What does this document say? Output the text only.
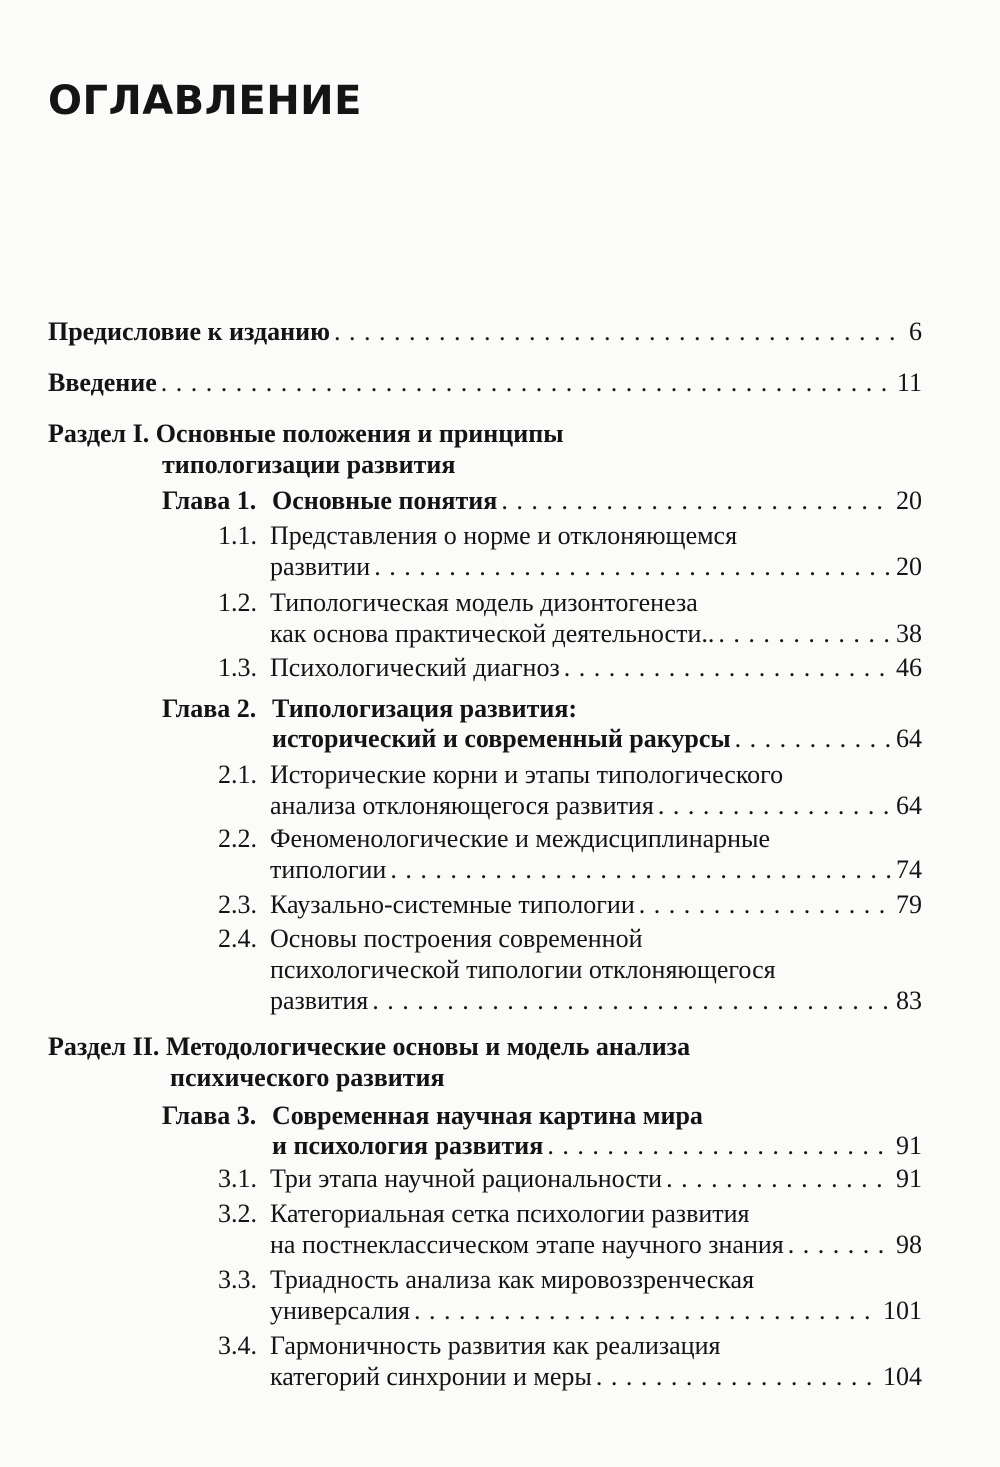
ОГЛАВЛЕНИЕ
Предисловие к изданию . . .	6
Введение . . .	11
Раздел I.
Основные положения и принципы
типологизации развития
Глава 1. Основные понятия . . .	20
1.1. Представления о норме и отклоняющемся
развитии . . .	20
1.2. Типологическая модель дизонтогенеза
как основа практической деятельности.. . . .	38
1.3. Психологический диагноз . . .	46
Глава 2. Типологизация развития:
исторический и современный ракурсы . . .	64
2.1. Исторические корни и этапы типологического
анализа отклоняющегося развития . . .	64
2.2. Феноменологические и междисциплинарные
типологии . . .	74
2.3. Каузально-системные типологии . . .	79
2.4. Основы построения современной
психологической типологии отклоняющегося
развития . . .	83
Раздел II.
Методологические основы и модель анализа
психического развития
Глава 3. Современная научная картина мира
и психология развития . . .	91
3.1. Три этапа научной рациональности . . .	91
3.2. Категориальная сетка психологии развития
на постнеклассическом этапе научного знания . . .	98
3.3. Триадность анализа как мировоззренческая
универсалия . . .	101
3.4. Гармоничность развития как реализация
категорий синхронии и меры . . .	104
